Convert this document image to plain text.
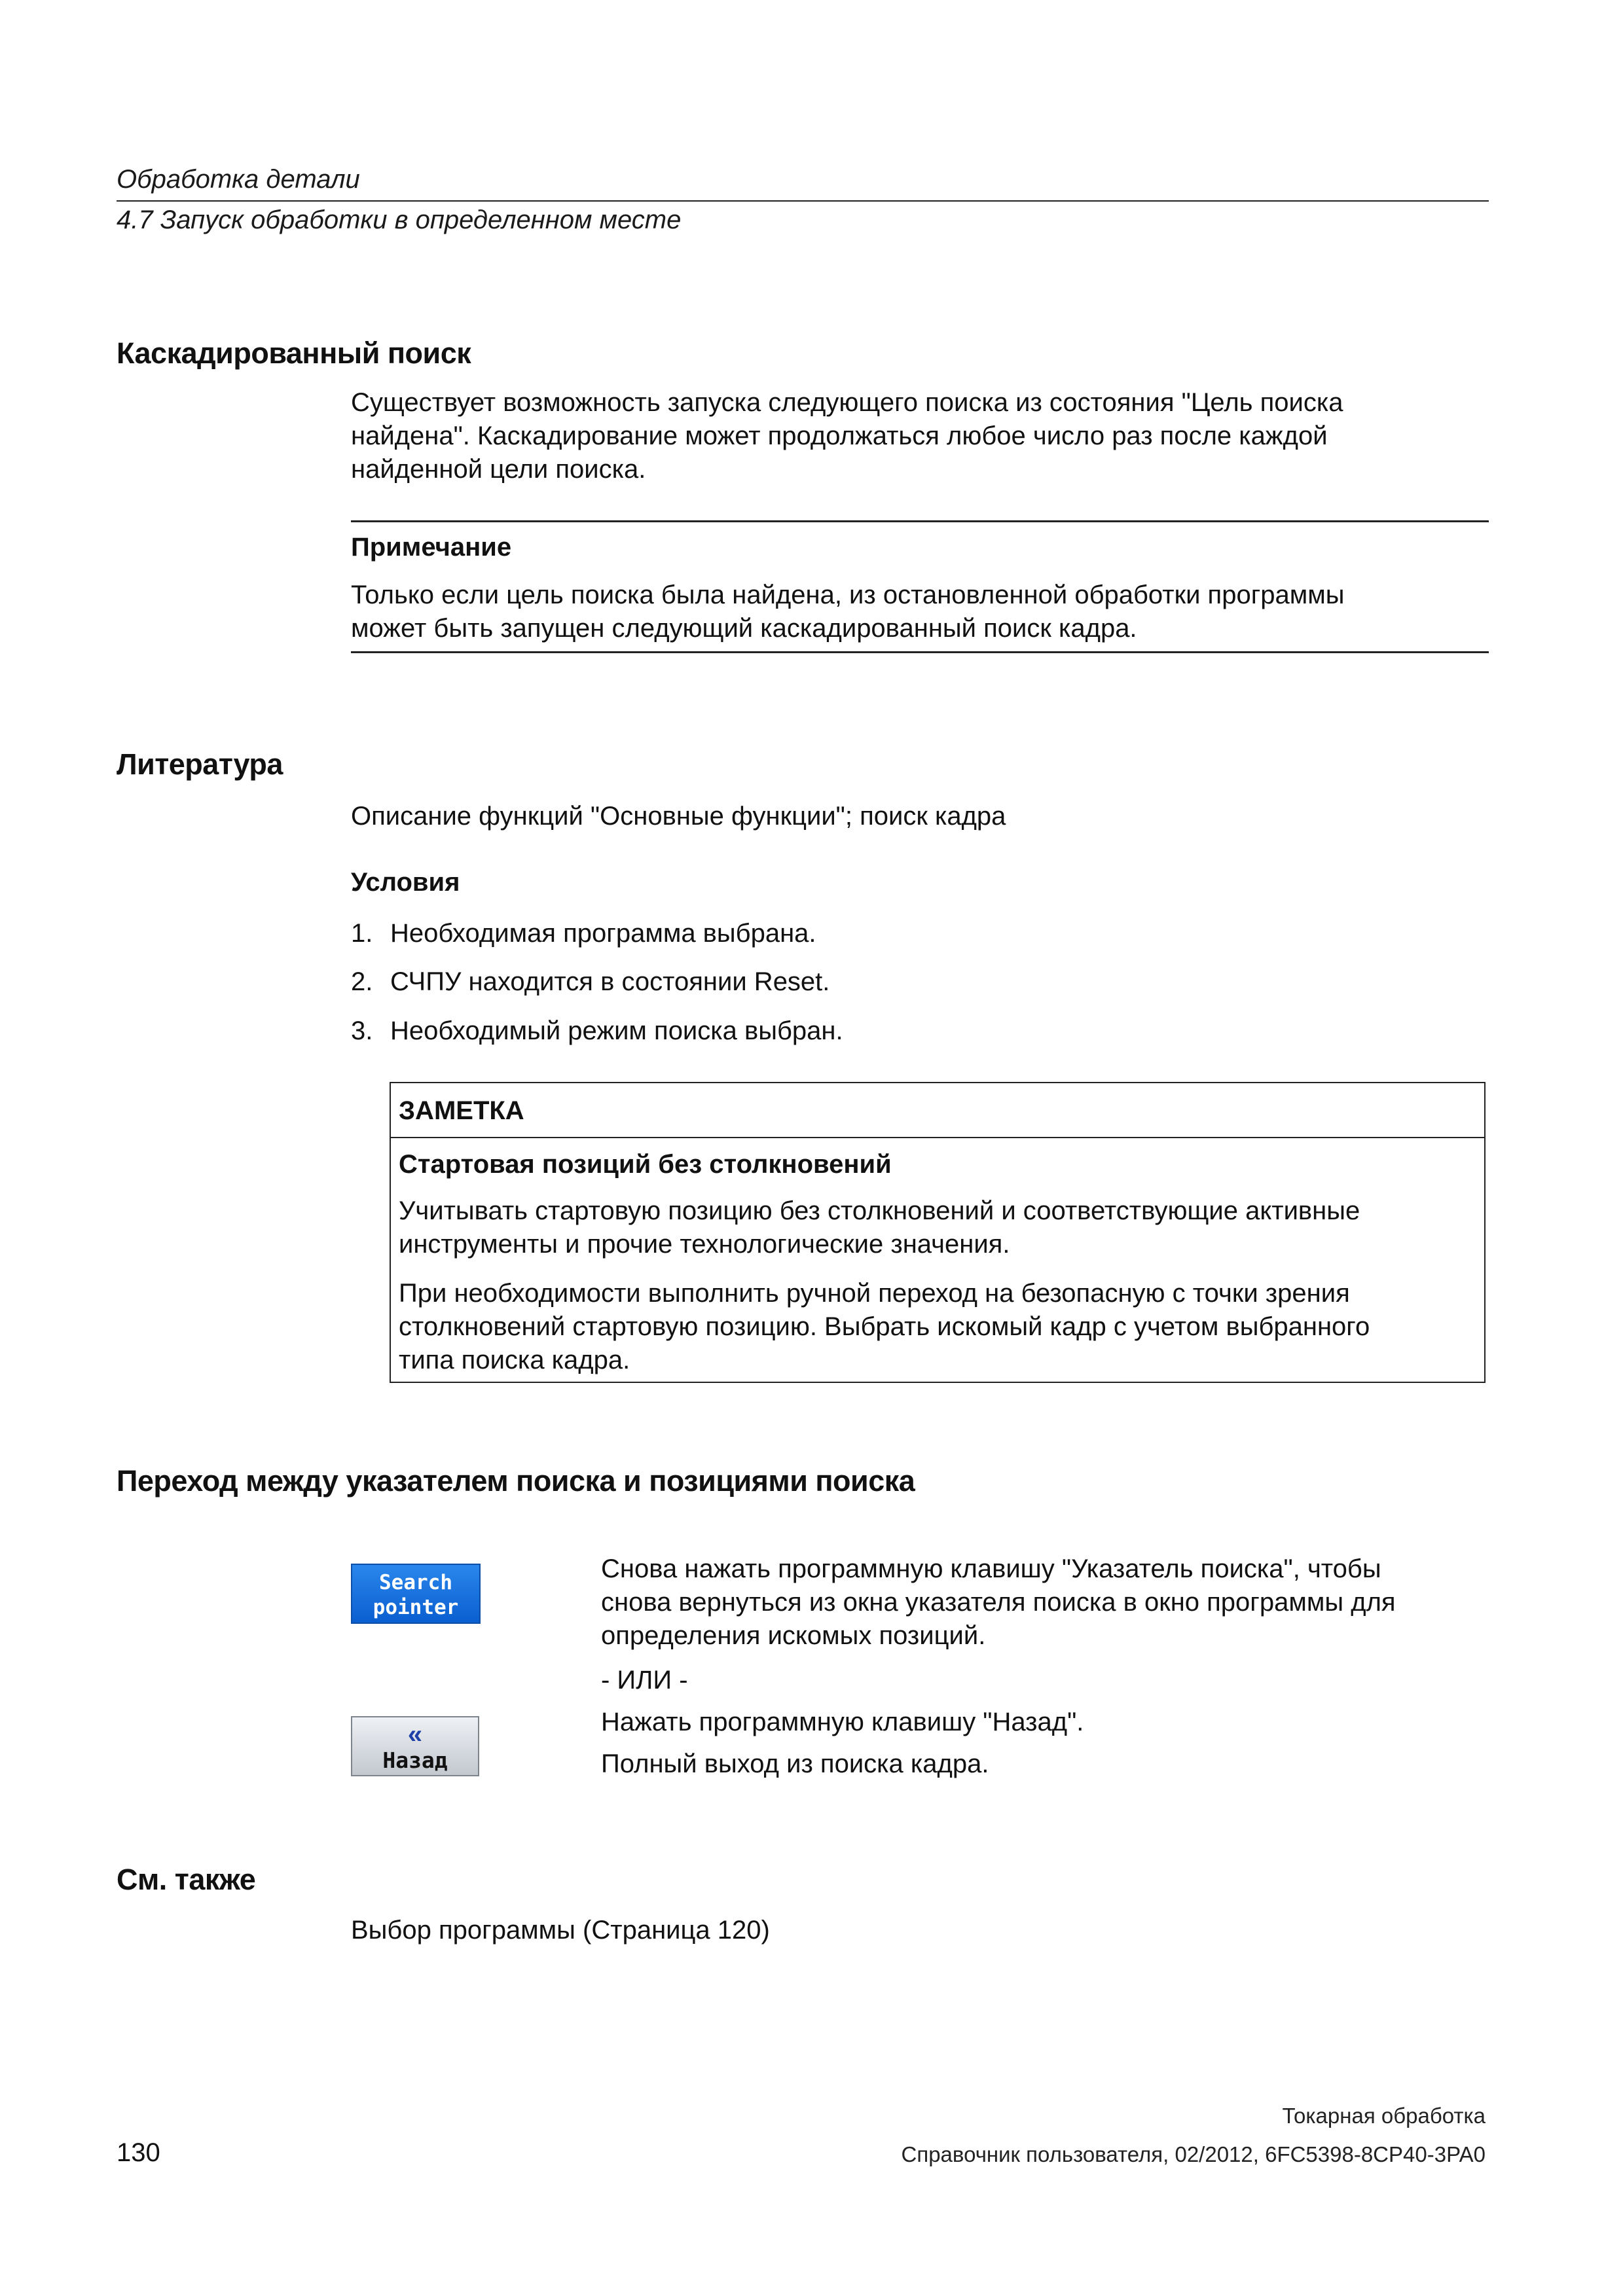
Обработка детали
4.7 Запуск обработки в определенном месте
Каскадированный поиск
Существует возможность запуска следующего поиска из состояния "Цель поиска
найдена". Каскадирование может продолжаться любое число раз после каждой
найденной цели поиска.
Примечание
Только если цель поиска была найдена, из остановленной обработки программы
может быть запущен следующий каскадированный поиск кадра.
Литература
Описание функций "Основные функции"; поиск кадра
Условия
1. Необходимая программа выбрана.
2. СЧПУ находится в состоянии Reset.
3. Необходимый режим поиска выбран.
ЗАМЕТКА
Стартовая позиций без столкновений
Учитывать стартовую позицию без столкновений и соответствующие активные
инструменты и прочие технологические значения.
При необходимости выполнить ручной переход на безопасную с точки зрения
столкновений стартовую позицию. Выбрать искомый кадр с учетом выбранного
типа поиска кадра.
Переход между указателем поиска и позициями поиска
Search
pointer
Снова нажать программную клавишу "Указатель поиска", чтобы
снова вернуться из окна указателя поиска в окно программы для
определения искомых позиций.
- ИЛИ -
«
Назад
Нажать программную клавишу "Назад".
Полный выход из поиска кадра.
См. также
Выбор программы (Страница 120)
Токарная обработка
130	Справочник пользователя, 02/2012, 6FC5398-8CP40-3PA0
